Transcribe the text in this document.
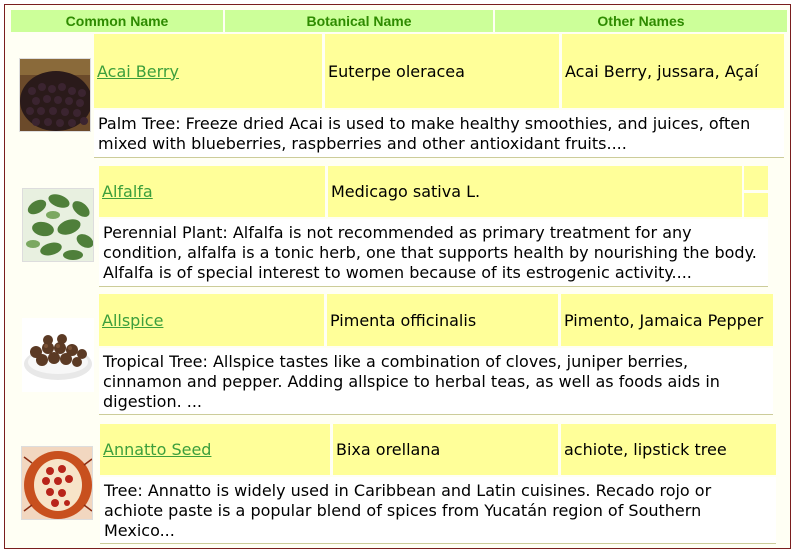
Common Name	Botanical Name	Other Names
Acai Berry	Euterpe oleracea	Acai Berry, jussara, Açaí
Palm Tree: Freeze dried Acai is used to make healthy smoothies, and juices, often mixed with blueberries, raspberries and other antioxidant fruits....
Alfalfa	Medicago sativa L.
Perennial Plant: Alfalfa is not recommended as primary treatment for any condition, alfalfa is a tonic herb, one that supports health by nourishing the body. Alfalfa is of special interest to women because of its estrogenic activity....
Allspice	Pimenta officinalis	Pimento, Jamaica Pepper
Tropical Tree: Allspice tastes like a combination of cloves, juniper berries, cinnamon and pepper. Adding allspice to herbal teas, as well as foods aids in digestion. ...
Annatto Seed	Bixa orellana	achiote, lipstick tree
Tree: Annatto is widely used in Caribbean and Latin cuisines. Recado rojo or achiote paste is a popular blend of spices from Yucatán region of Southern Mexico...
